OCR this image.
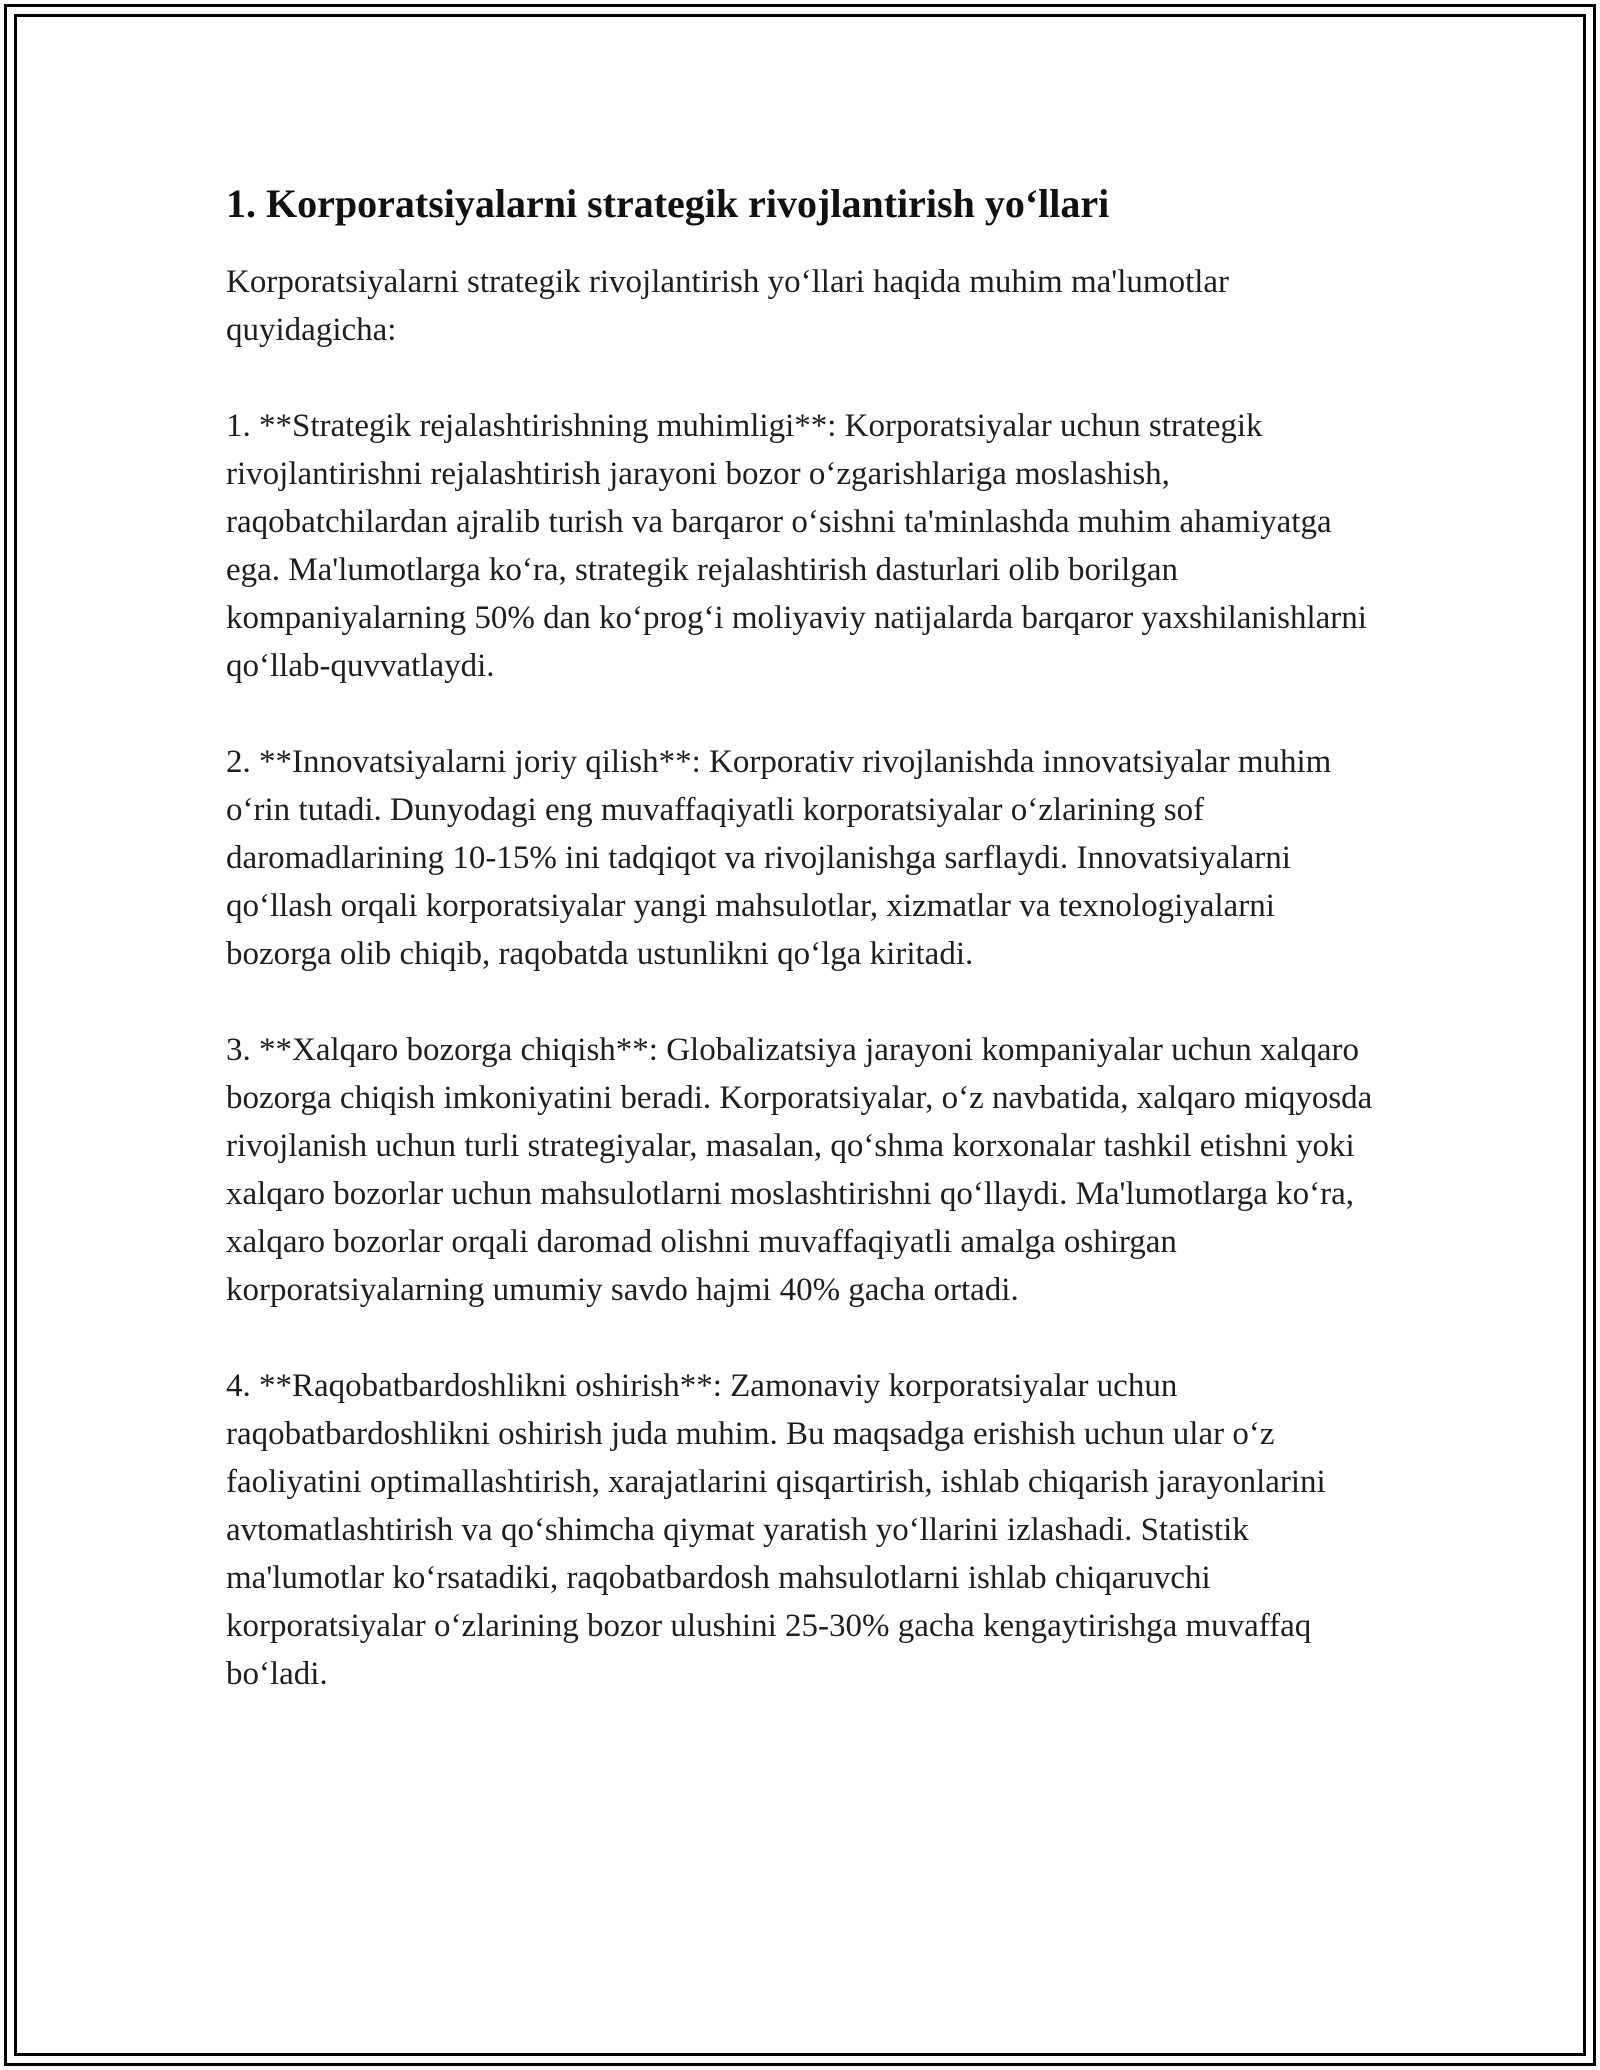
1. Korporatsiyalarni strategik rivojlantirish yo‘llari

Korporatsiyalarni strategik rivojlantirish yo‘llari haqida muhim ma'lumotlar quyidagicha:

1. **Strategik rejalashtirishning muhimligi**: Korporatsiyalar uchun strategik rivojlantirishni rejalashtirish jarayoni bozor o‘zgarishlariga moslashish, raqobatchilardan ajralib turish va barqaror o‘sishni ta'minlashda muhim ahamiyatga ega. Ma'lumotlarga ko‘ra, strategik rejalashtirish dasturlari olib borilgan kompaniyalarning 50% dan ko‘prog‘i moliyaviy natijalarda barqaror yaxshilanishlarni qo‘llab-quvvatlaydi.

2. **Innovatsiyalarni joriy qilish**: Korporativ rivojlanishda innovatsiyalar muhim o‘rin tutadi. Dunyodagi eng muvaffaqiyatli korporatsiyalar o‘zlarining sof daromadlarining 10-15% ini tadqiqot va rivojlanishga sarflaydi. Innovatsiyalarni qo‘llash orqali korporatsiyalar yangi mahsulotlar, xizmatlar va texnologiyalarni bozorga olib chiqib, raqobatda ustunlikni qo‘lga kiritadi.

3. **Xalqaro bozorga chiqish**: Globalizatsiya jarayoni kompaniyalar uchun xalqaro bozorga chiqish imkoniyatini beradi. Korporatsiyalar, o‘z navbatida, xalqaro miqyosda rivojlanish uchun turli strategiyalar, masalan, qo‘shma korxonalar tashkil etishni yoki xalqaro bozorlar uchun mahsulotlarni moslashtirishni qo‘llaydi. Ma'lumotlarga ko‘ra, xalqaro bozorlar orqali daromad olishni muvaffaqiyatli amalga oshirgan korporatsiyalarning umumiy savdo hajmi 40% gacha ortadi.

4. **Raqobatbardoshlikni oshirish**: Zamonaviy korporatsiyalar uchun raqobatbardoshlikni oshirish juda muhim. Bu maqsadga erishish uchun ular o‘z faoliyatini optimallashtirish, xarajatlarini qisqartirish, ishlab chiqarish jarayonlarini avtomatlashtirish va qo‘shimcha qiymat yaratish yo‘llarini izlashadi. Statistik ma'lumotlar ko‘rsatadiki, raqobatbardosh mahsulotlarni ishlab chiqaruvchi korporatsiyalar o‘zlarining bozor ulushini 25-30% gacha kengaytirishga muvaffaq bo‘ladi.
